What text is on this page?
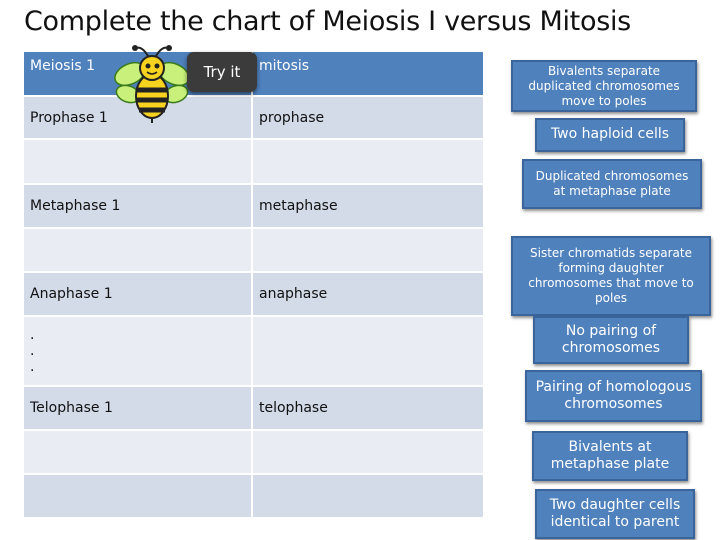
Complete the chart of Meiosis I versus Mitosis
Meiosis 1	mitosis
Prophase 1	prophase
Metaphase 1	metaphase
Anaphase 1	anaphase
.
.
.
Telophase 1	telophase
Try it	Bivalents separate duplicated chromosomes move to poles
Two haploid cells
Duplicated chromosomes at metaphase plate
Sister chromatids separate forming daughter chromosomes that move to poles
No pairing of chromosomes
Pairing of homologous chromosomes
Bivalents at metaphase plate
Two daughter cells identical to parent
